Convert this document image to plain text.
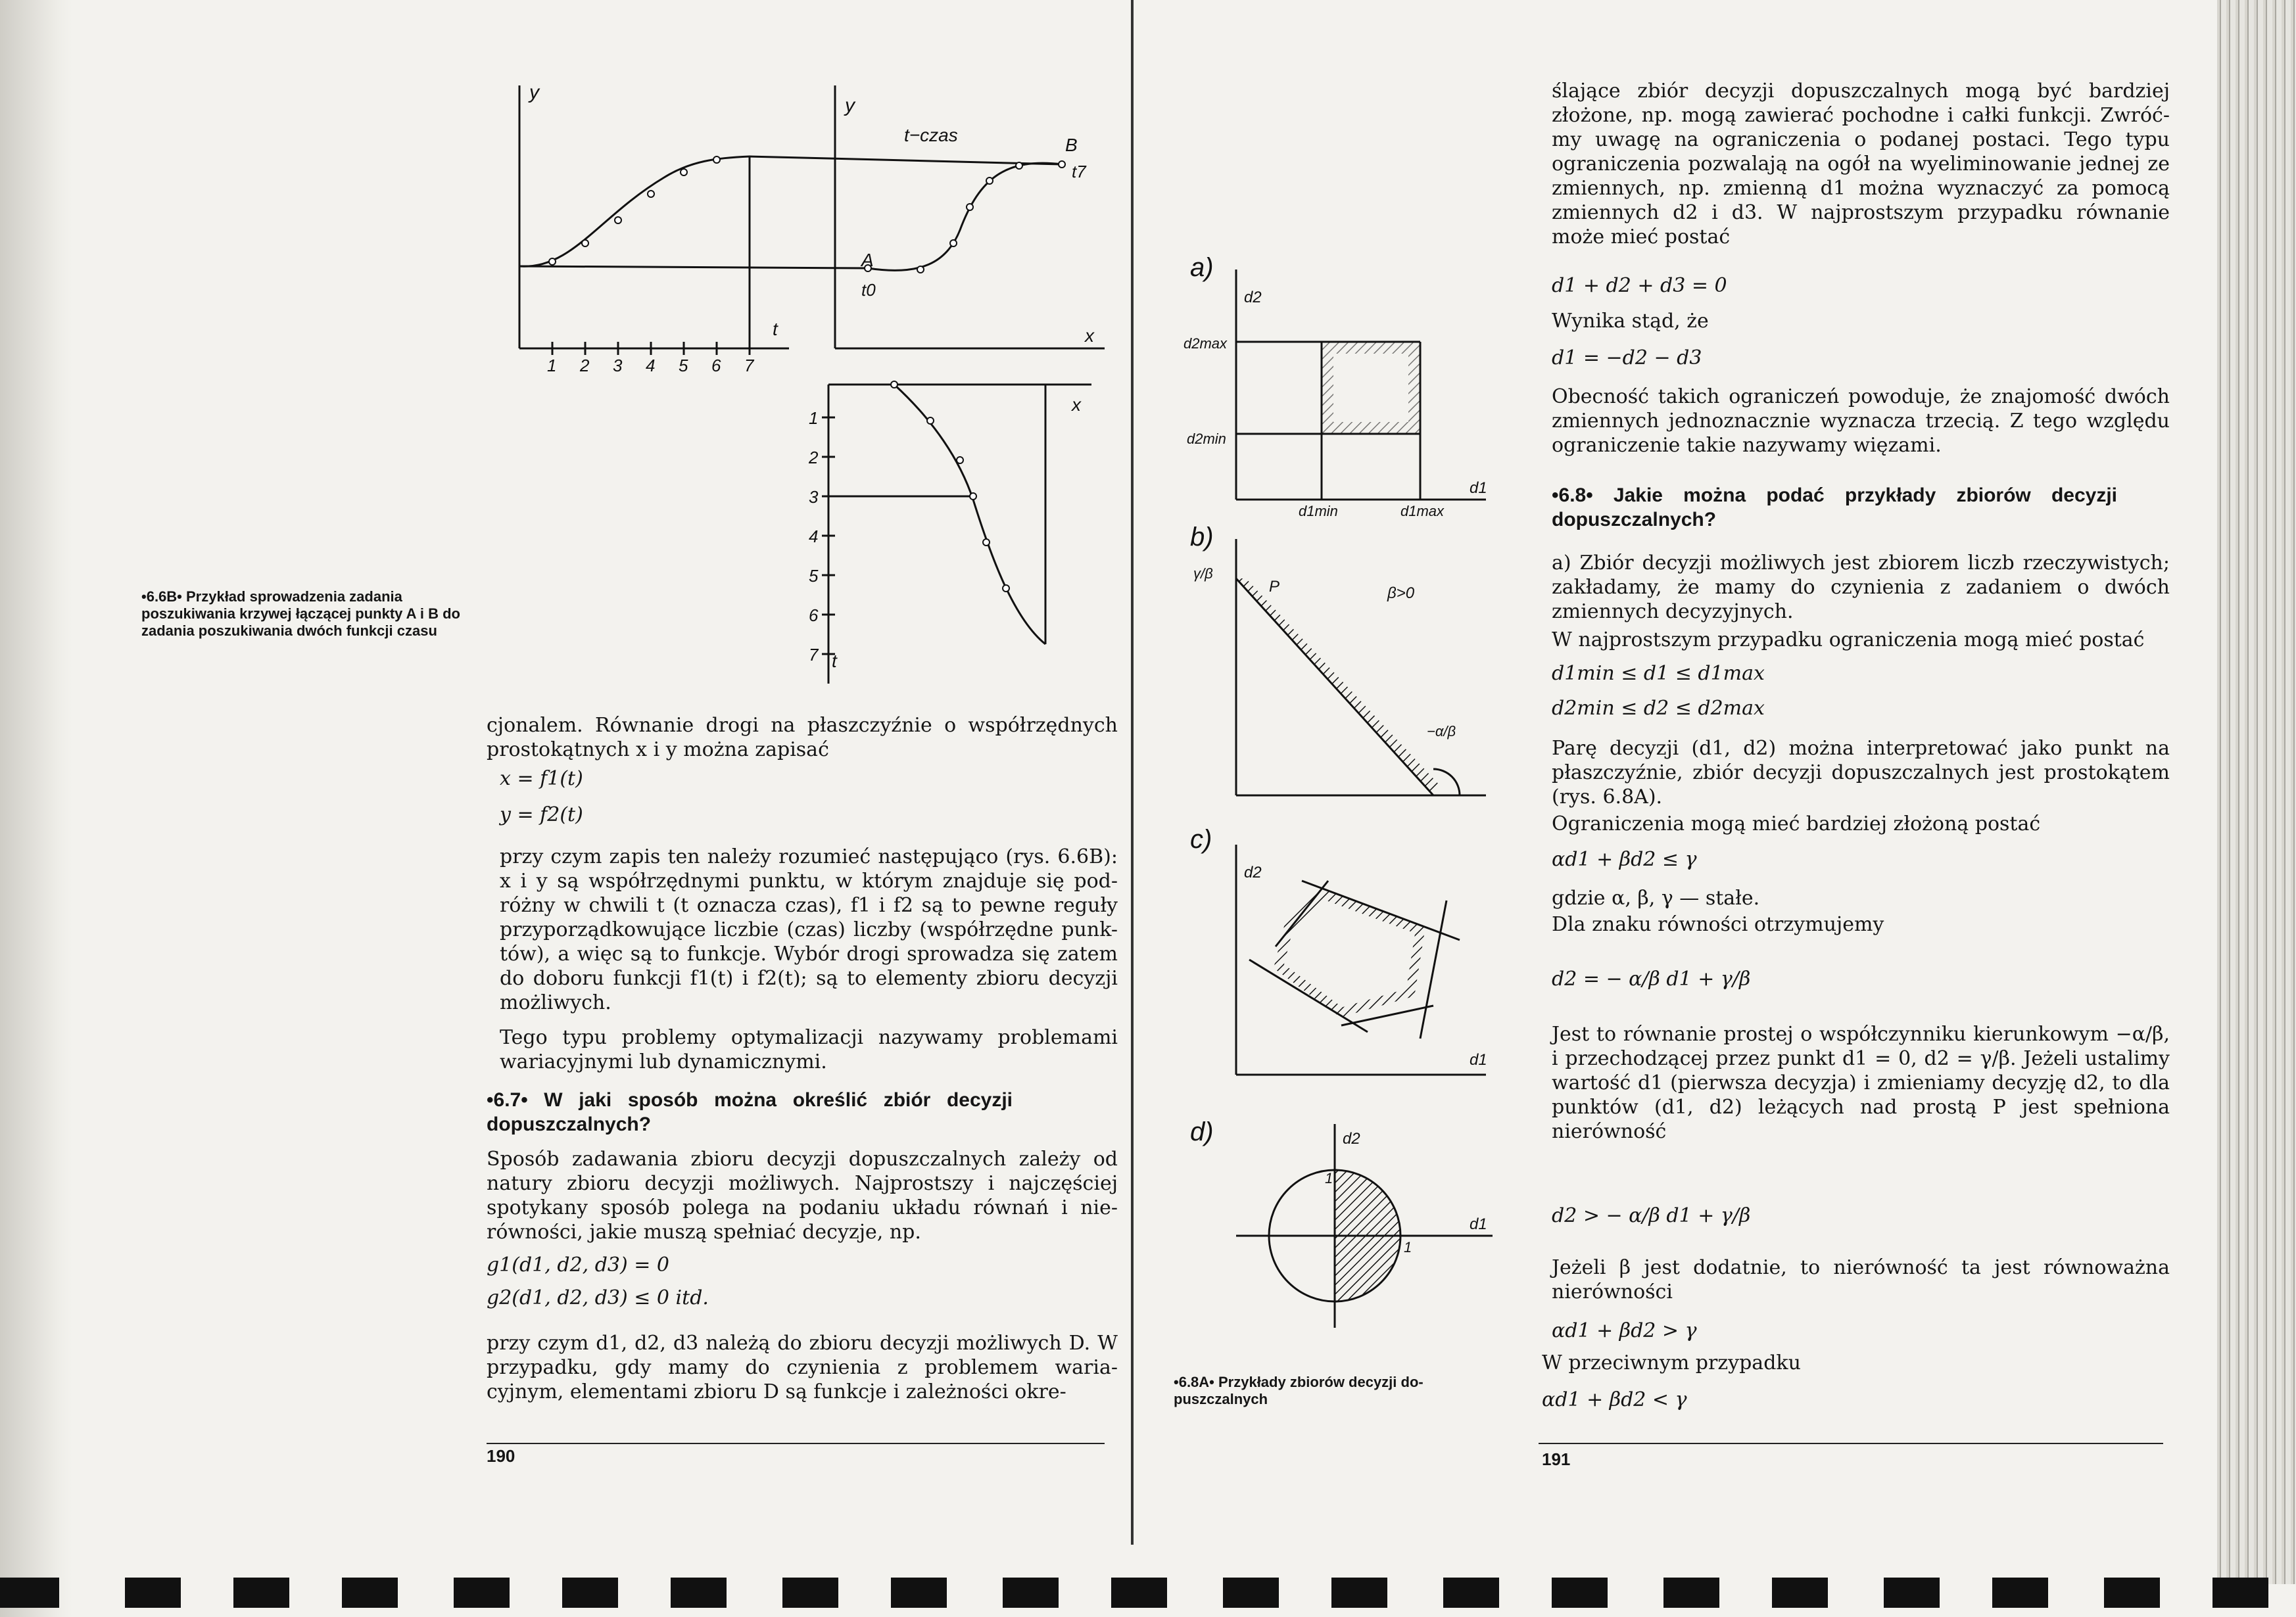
y
y
t−czas
A
B
t0
t7
t	x
x
t
1 2 3 4 5 6 7
1
2
3
4
5
6
7
•6.6B• Przykład sprowadzenia zadania poszukiwania krzywej łączącej punkty A i B do zadania poszukiwania dwóch funkcji czasu
cjonalem. Równanie drogi na płaszczyźnie o współrzędnych prostokątnych x i y można zapisać
x = f1(t)
y = f2(t)
przy czym zapis ten należy rozumieć następująco (rys. 6.6B): x i y są współrzędnymi punktu, w którym znajduje się pod-różny w chwili t (t oznacza czas), f1 i f2 są to pewne reguły przyporządkowujące liczbie (czas) liczby (współrzędne punk-tów), a więc są to funkcje. Wybór drogi sprowadza się zatem do doboru funkcji f1(t) i f2(t); są to elementy zbioru decyzji możliwych.
Tego typu problemy optymalizacji nazywamy problemami wariacyjnymi lub dynamicznymi.
•6.7• W jaki sposób można określić zbiór decyzji dopuszczalnych?
Sposób zadawania zbioru decyzji dopuszczalnych zależy od natury zbioru decyzji możliwych. Najprostszy i najczęściej spotykany sposób polega na podaniu układu równań i nie-równości, jakie muszą spełniać decyzje, np.
g1(d1, d2, d3) = 0
g2(d1, d2, d3) ≤ 0 itd.
przy czym d1, d2, d3 należą do zbioru decyzji możliwych D. W przypadku, gdy mamy do czynienia z problemem waria-cyjnym, elementami zbioru D są funkcje i zależności okre-
190
a)
d2
d2max
d2min
d1min	d1max
d1
b)
γ/β
P	β>0
−α/β
c)
d2
d1
d)	d2
d1
1
1
•6.8A• Przykłady zbiorów decyzji do-puszczalnych
ślające zbiór decyzji dopuszczalnych mogą być bardziej złożone, np. mogą zawierać pochodne i całki funkcji. Zwróć-my uwagę na ograniczenia o podanej postaci. Tego typu ograniczenia pozwalają na ogół na wyeliminowanie jednej ze zmiennych, np. zmienną d1 można wyznaczyć za pomocą zmiennych d2 i d3. W najprostszym przypadku równanie może mieć postać
d1 + d2 + d3 = 0
Wynika stąd, że
d1 = −d2 − d3
Obecność takich ograniczeń powoduje, że znajomość dwóch zmiennych jednoznacznie wyznacza trzecią. Z tego względu ograniczenie takie nazywamy więzami.
•6.8• Jakie można podać przykłady zbiorów decyzji dopuszczalnych?
a) Zbiór decyzji możliwych jest zbiorem liczb rzeczywistych; zakładamy, że mamy do czynienia z zadaniem o dwóch zmiennych decyzyjnych.
W najprostszym przypadku ograniczenia mogą mieć postać
d1min ≤ d1 ≤ d1max
d2min ≤ d2 ≤ d2max
Parę decyzji (d1, d2) można interpretować jako punkt na płaszczyźnie, zbiór decyzji dopuszczalnych jest prostokątem (rys. 6.8A).
Ograniczenia mogą mieć bardziej złożoną postać
αd1 + βd2 ≤ γ
gdzie α, β, γ — stałe.
Dla znaku równości otrzymujemy
d2 = − α/β d1 + γ/β
Jest to równanie prostej o współczynniku kierunkowym −α/β, i przechodzącej przez punkt d1 = 0, d2 = γ/β. Jeżeli ustalimy wartość d1 (pierwsza decyzja) i zmieniamy decyzję d2, to dla punktów (d1, d2) leżących nad prostą P jest spełniona nierówność
d2 > − α/β d1 + γ/β
Jeżeli β jest dodatnie, to nierówność ta jest równoważna nierówności
αd1 + βd2 > γ
W przeciwnym przypadku
αd1 + βd2 < γ
191
